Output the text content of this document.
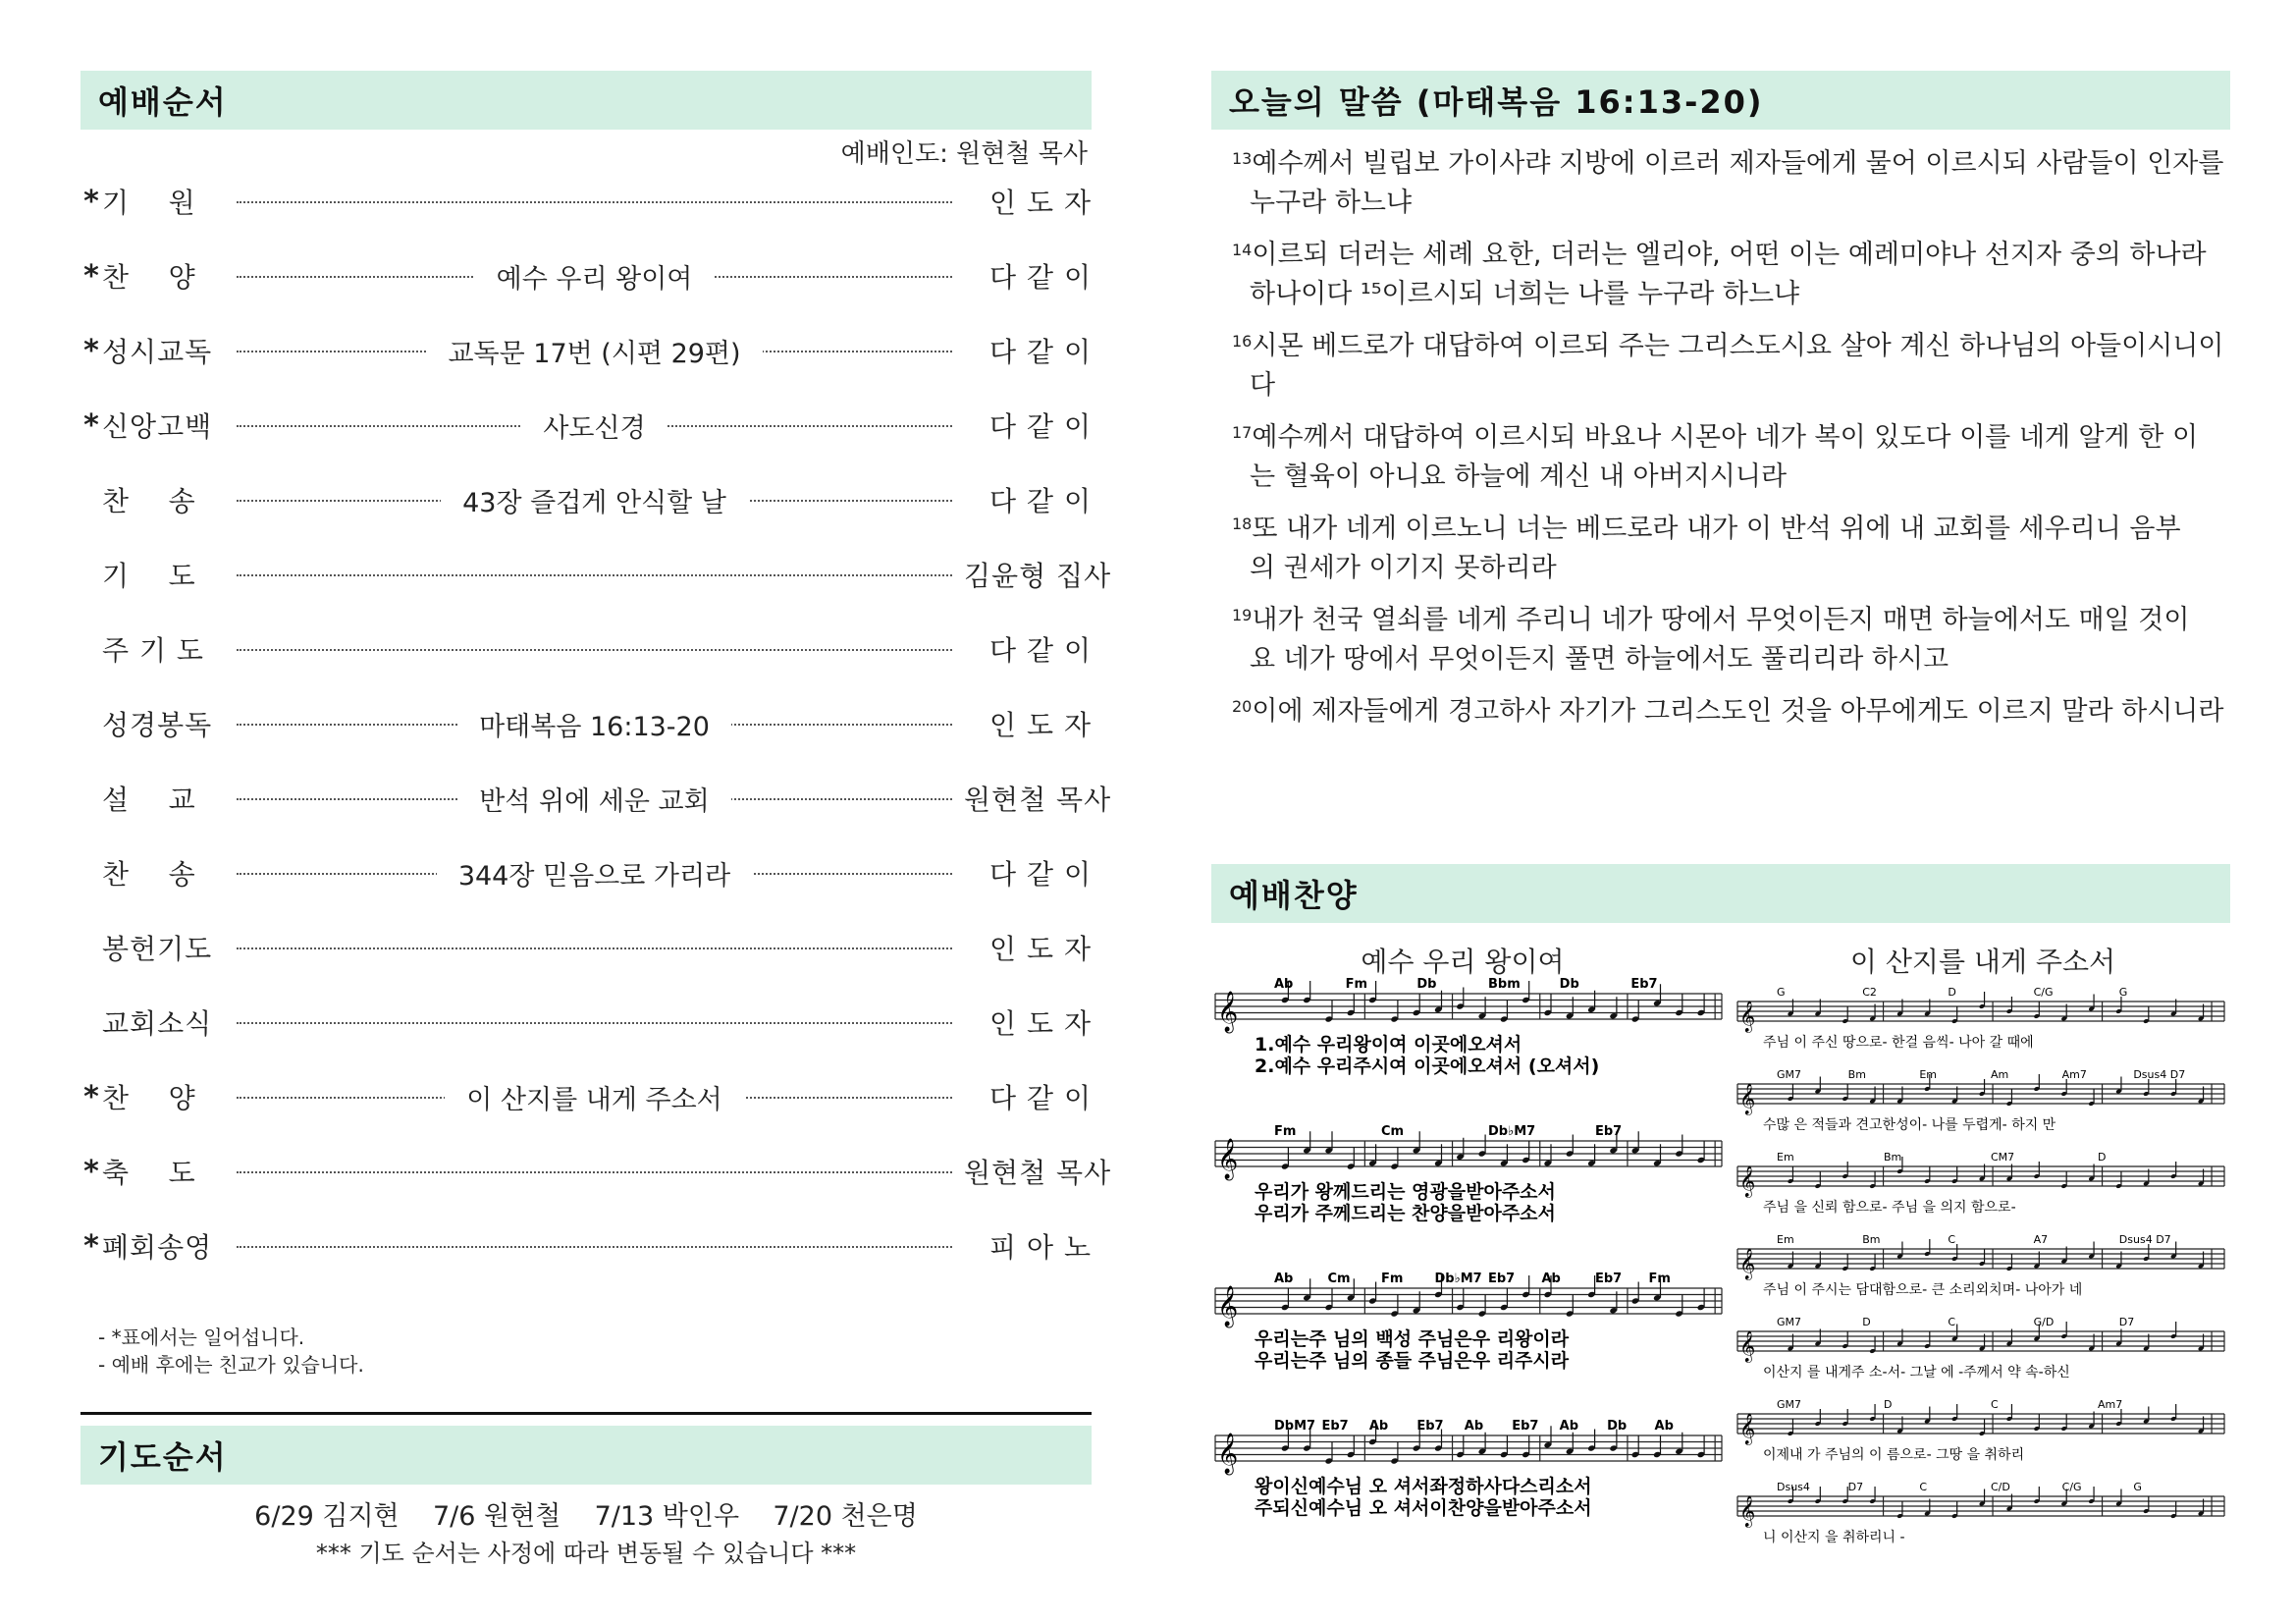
예배순서
예배인도: 원현철 목사
* 기    원	인 도 자
* 찬    양	예수 우리 왕이여	다 같 이
* 성시교독	교독문 17번 (시편 29편)	다 같 이
* 신앙고백	사도신경	다 같 이
찬    송	43장 즐겁게 안식할 날	다 같 이
기    도	김윤형 집사
주 기 도	다 같 이
성경봉독	마태복음 16:13-20	인 도 자
설    교	반석 위에 세운 교회	원현철 목사
찬    송	344장 믿음으로 가리라	다 같 이
봉헌기도	인 도 자
교회소식	인 도 자
* 찬    양	이 산지를 내게 주소서	다 같 이
* 축    도	원현철 목사
* 폐회송영	피 아 노
- *표에서는 일어섭니다.
- 예배 후에는 친교가 있습니다.
기도순서
6/29 김지현    7/6 원현철    7/13 박인우    7/20 천은명
*** 기도 순서는 사정에 따라 변동될 수 있습니다 ***
오늘의 말씀 (마태복음 16:13-20)
$^{13}$예수께서 빌립보 가이사랴 지방에 이르러 제자들에게 물어 이르시되 사람들이 인자를
누구라 하느냐
$^{14}$이르되 더러는 세례 요한, 더러는 엘리야, 어떤 이는 예레미야나 선지자 중의 하나라
하나이다 ¹⁵이르시되 너희는 나를 누구라 하느냐
$^{16}$시몬 베드로가 대답하여 이르되 주는 그리스도시요 살아 계신 하나님의 아들이시니이
다
$^{17}$예수께서 대답하여 이르시되 바요나 시몬아 네가 복이 있도다 이를 네게 알게 한 이
는 혈육이 아니요 하늘에 계신 내 아버지시니라
$^{18}$또 내가 네게 이르노니 너는 베드로라 내가 이 반석 위에 내 교회를 세우리니 음부
의 권세가 이기지 못하리라
$^{19}$내가 천국 열쇠를 네게 주리니 네가 땅에서 무엇이든지 매면 하늘에서도 매일 것이
요 네가 땅에서 무엇이든지 풀면 하늘에서도 풀리리라 하시고
$^{20}$이에 제자들에게 경고하사 자기가 그리스도인 것을 아무에게도 이르지 말라 하시니라
예배찬양
예수 우리 왕이여	이 산지를 내게 주소서
𝄞
Ab	Fm	Db	Bbm	Db	Eb7
1.예수 우리왕이여 이곳에오셔서
2.예수 우리주시여 이곳에오셔서 (오셔서)
𝄞
Fm	Cm	Db♭M7	Eb7
우리가 왕께드리는 영광을받아주소서
우리가 주께드리는 찬양을받아주소서
𝄞
Ab	Cm Fm Db♭M7 Eb7 Ab	Eb7 Fm
우리는주 님의 백성 주님은우 리왕이라
우리는주 님의 종들 주님은우 리주시라
𝄞
DbM7 Eb7 Ab Eb7 Ab Eb7 Ab Db Ab
왕이신예수님 오 셔서좌정하사다스리소서
주되신예수님 오 셔서이찬양을받아주소서
𝄞
G	C2	D	C/G	G
주님 이 주신 땅으로- 한걸 음씩- 나아 갈 때에
𝄞
GM7	Bm	Em	Am	Am7	Dsus4 D7
수많 은 적들과 견고한성이- 나를 두렵게- 하지 만
𝄞
Em	Bm	CM7	D
주님 을 신뢰 함으로- 주님 을 의지 함으로-
𝄞
Em	Bm	C	A7	Dsus4 D7
주님 이 주시는 담대함으로- 큰 소리외치며- 나아가 네
𝄞
GM7	D	C	G/D	D7
이산지 를 내게주 소-서- 그날 에 -주께서 약 속-하신
𝄞
GM7	D	C	Am7
이제내 가 주님의 이 름으로- 그땅 을 취하리
𝄞
Dsus4	D7	C	C/D	C/G	G
니 이산지 을 취하리니 -
